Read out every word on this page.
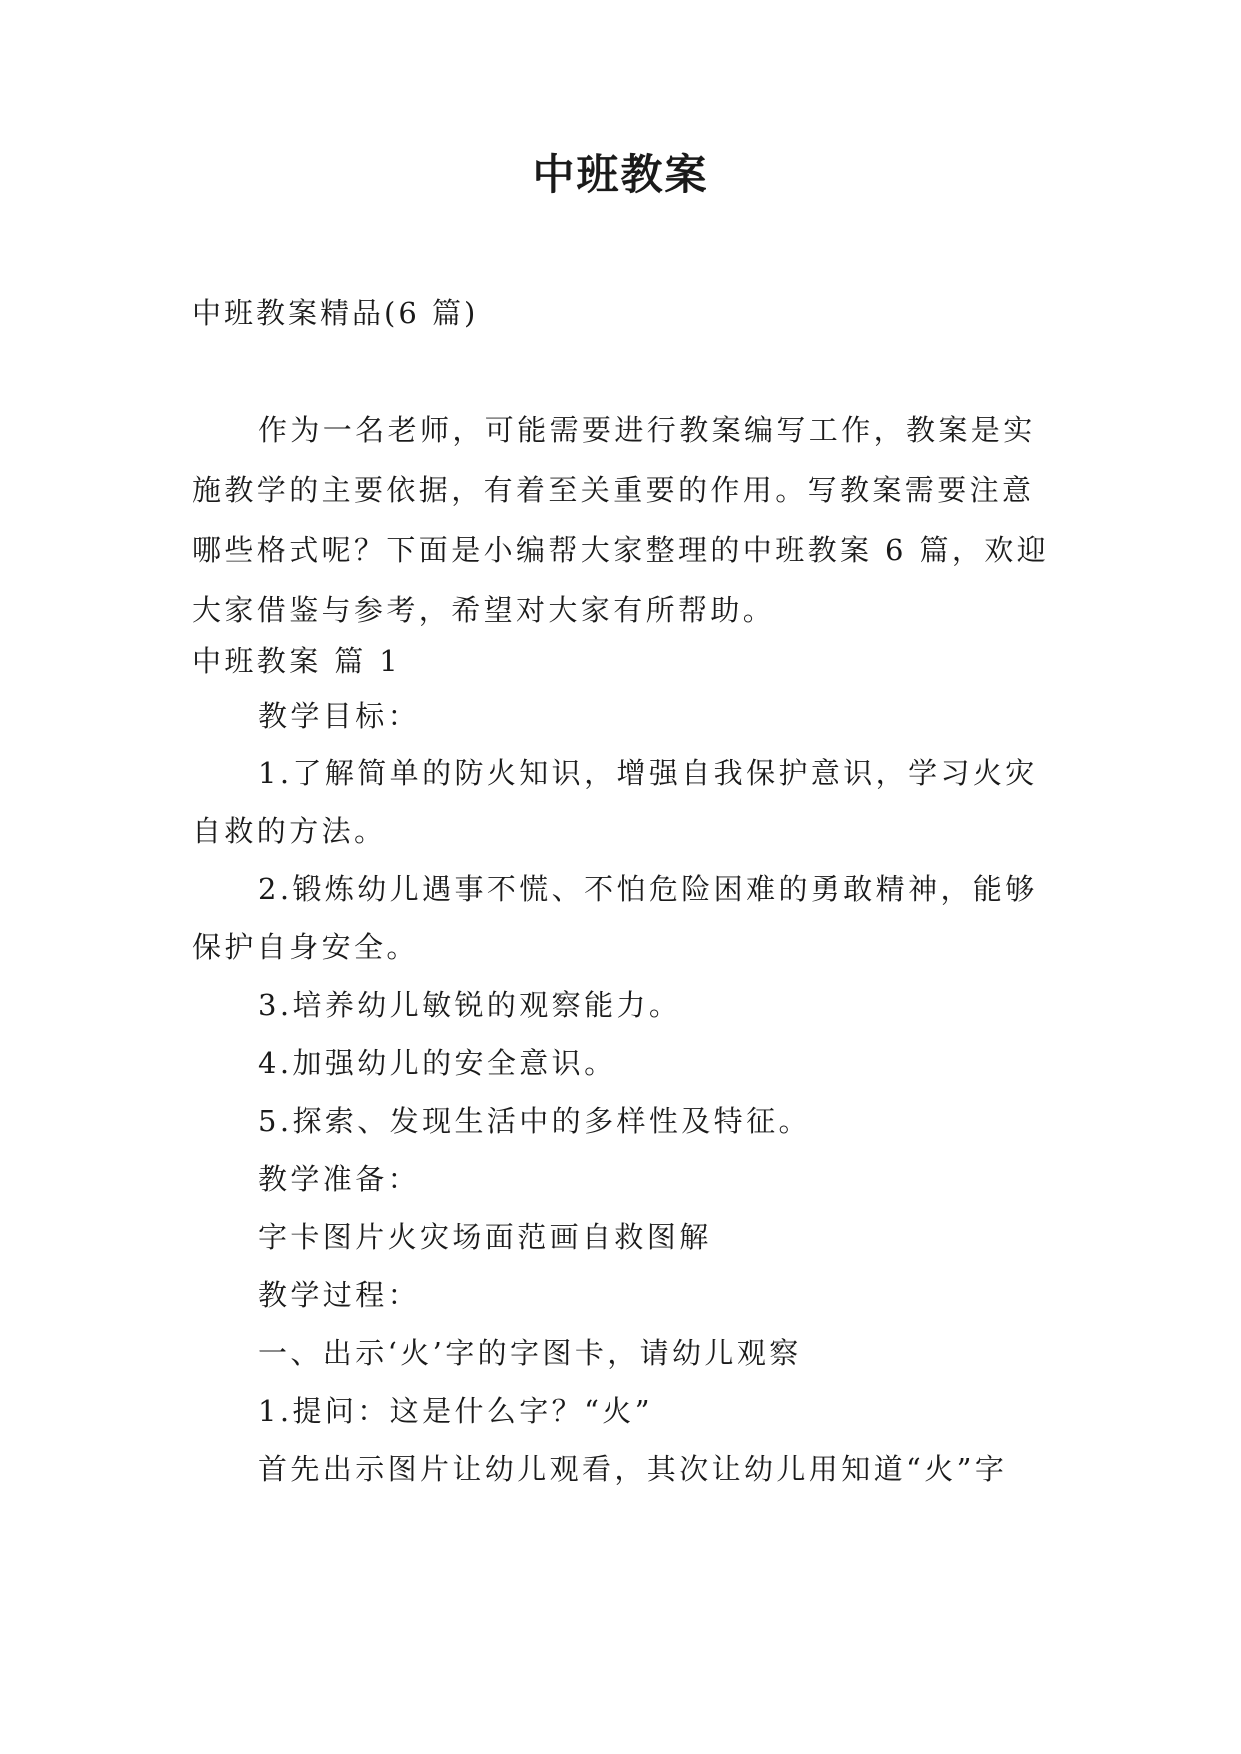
中班教案
中班教案精品(6 篇)

作为一名老师，可能需要进行教案编写工作，教案是实施教学的主要依据，有着至关重要的作用。写教案需要注意哪些格式呢？下面是小编帮大家整理的中班教案 6 篇，欢迎大家借鉴与参考，希望对大家有所帮助。

中班教案 篇 1
教学目标：

1.了解简单的防火知识，增强自我保护意识，学习火灾自救的方法。

2.锻炼幼儿遇事不慌、不怕危险困难的勇敢精神，能够保护自身安全。

3.培养幼儿敏锐的观察能力。
4.加强幼儿的安全意识。
5.探索、发现生活中的多样性及特征。
教学准备：
字卡图片火灾场面范画自救图解
教学过程：
一、出示‘火’字的字图卡，请幼儿观察
1.提问：这是什么字？“火”
首先出示图片让幼儿观看，其次让幼儿用知道“火”字
